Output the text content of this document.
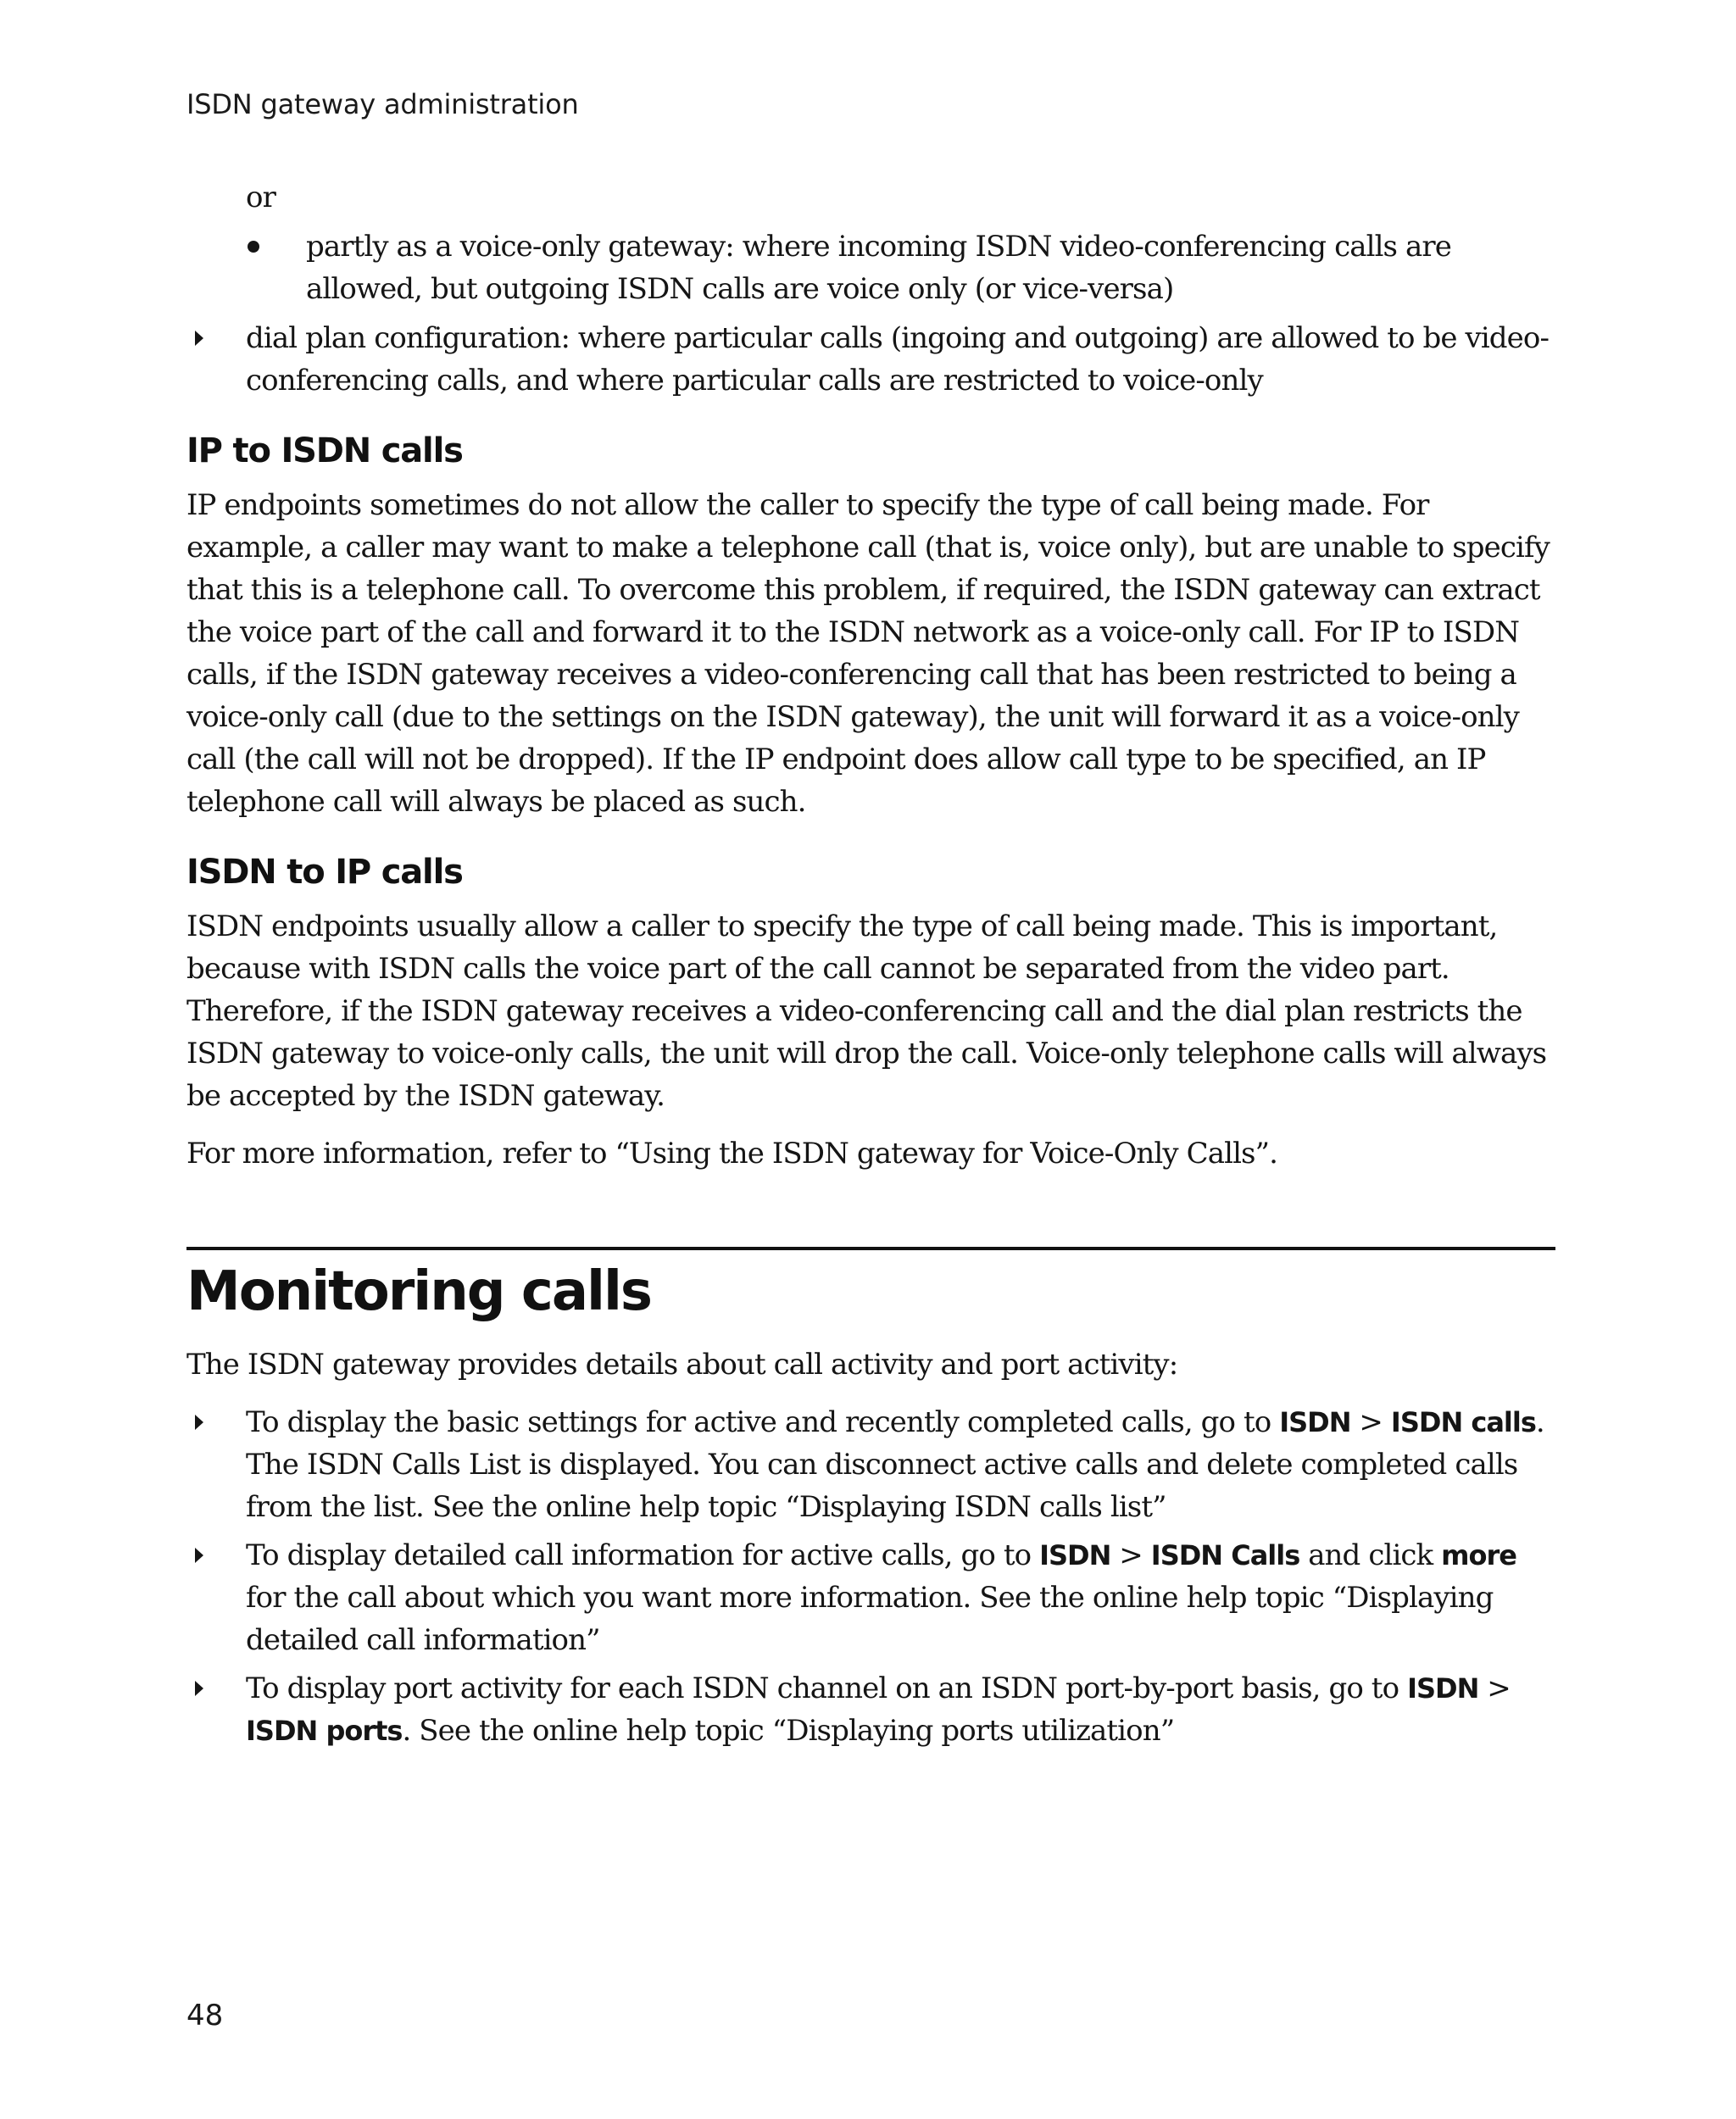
ISDN gateway administration
or
partly as a voice-only gateway: where incoming ISDN video-conferencing calls are allowed, but outgoing ISDN calls are voice only (or vice-versa)
dial plan configuration: where particular calls (ingoing and outgoing) are allowed to be video-conferencing calls, and where particular calls are restricted to voice-only
IP to ISDN calls
IP endpoints sometimes do not allow the caller to specify the type of call being made. For example, a caller may want to make a telephone call (that is, voice only), but are unable to specify that this is a telephone call. To overcome this problem, if required, the ISDN gateway can extract the voice part of the call and forward it to the ISDN network as a voice-only call. For IP to ISDN calls, if the ISDN gateway receives a video-conferencing call that has been restricted to being a voice-only call (due to the settings on the ISDN gateway), the unit will forward it as a voice-only call (the call will not be dropped). If the IP endpoint does allow call type to be specified, an IP telephone call will always be placed as such.
ISDN to IP calls
ISDN endpoints usually allow a caller to specify the type of call being made. This is important, because with ISDN calls the voice part of the call cannot be separated from the video part. Therefore, if the ISDN gateway receives a video-conferencing call and the dial plan restricts the ISDN gateway to voice-only calls, the unit will drop the call. Voice-only telephone calls will always be accepted by the ISDN gateway.
For more information, refer to “Using the ISDN gateway for Voice-Only Calls”.
Monitoring calls
The ISDN gateway provides details about call activity and port activity:
To display the basic settings for active and recently completed calls, go to ISDN > ISDN calls. The ISDN Calls List is displayed. You can disconnect active calls and delete completed calls from the list. See the online help topic “Displaying ISDN calls list”
To display detailed call information for active calls, go to ISDN > ISDN Calls and click more for the call about which you want more information. See the online help topic “Displaying detailed call information”
To display port activity for each ISDN channel on an ISDN port-by-port basis, go to ISDN > ISDN ports. See the online help topic “Displaying ports utilization”
48
